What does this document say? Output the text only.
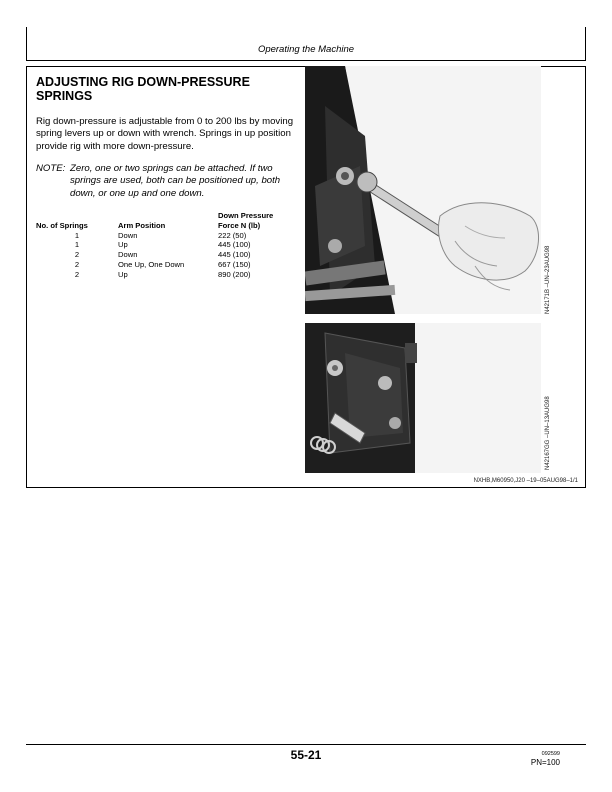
Operating the Machine
ADJUSTING RIG DOWN-PRESSURE
SPRINGS

Rig down-pressure is adjustable from 0 to 200 lbs by moving spring levers up or down with wrench. Springs in up position provide rig with more down-pressure.

NOTE: Zero, one or two springs can be attached. If two springs are used, both can be positioned up, both down, or one up and one down.
No. of Springs	Arm Position	Down Pressure
Force N (lb)
1	Down	222 (50)
1	Up	445 (100)
2	Down	445 (100)
2	One Up, One Down	667 (150)
2	Up	890 (200)	N42171B –UN–23AUG98
N42167GG –UN–13AUG98
NXHB,M60950,J20 –19–05AUG98–1/1
55-21	092599
PN=100
